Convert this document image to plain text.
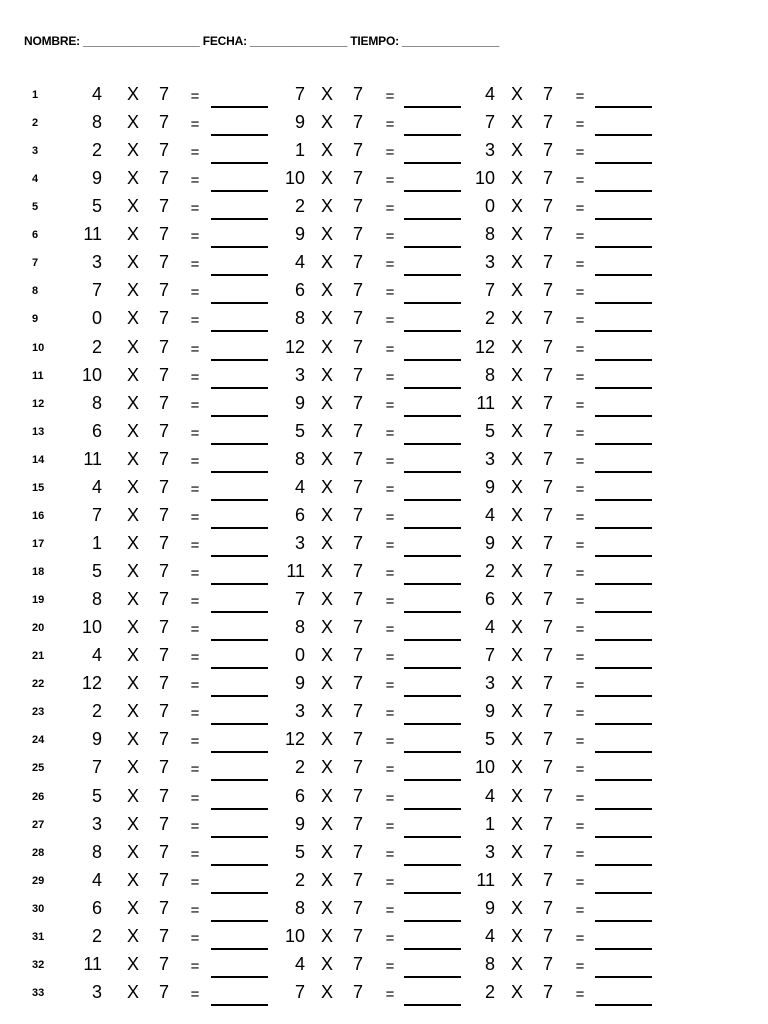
NOMBRE: __________________ FECHA: _______________ TIEMPO: _______________
1	4 X 7 =	7 X 7 =	4 X 7 =
2	8 X 7 =	9 X 7 =	7 X 7 =
3	2 X 7 =	1 X 7 =	3 X 7 =
4	9 X 7 =	10 X 7 =	10 X 7 =
5	5 X 7 =	2 X 7 =	0 X 7 =
6	11 X 7 =	9 X 7 =	8 X 7 =
7	3 X 7 =	4 X 7 =	3 X 7 =
8	7 X 7 =	6 X 7 =	7 X 7 =
9	0 X 7 =	8 X 7 =	2 X 7 =
10	2 X 7 =	12 X 7 =	12 X 7 =
11	10 X 7 =	3 X 7 =	8 X 7 =
12	8 X 7 =	9 X 7 =	11 X 7 =
13	6 X 7 =	5 X 7 =	5 X 7 =
14	11 X 7 =	8 X 7 =	3 X 7 =
15	4 X 7 =	4 X 7 =	9 X 7 =
16	7 X 7 =	6 X 7 =	4 X 7 =
17	1 X 7 =	3 X 7 =	9 X 7 =
18	5 X 7 =	11 X 7 =	2 X 7 =
19	8 X 7 =	7 X 7 =	6 X 7 =
20	10 X 7 =	8 X 7 =	4 X 7 =
21	4 X 7 =	0 X 7 =	7 X 7 =
22	12 X 7 =	9 X 7 =	3 X 7 =
23	2 X 7 =	3 X 7 =	9 X 7 =
24	9 X 7 =	12 X 7 =	5 X 7 =
25	7 X 7 =	2 X 7 =	10 X 7 =
26	5 X 7 =	6 X 7 =	4 X 7 =
27	3 X 7 =	9 X 7 =	1 X 7 =
28	8 X 7 =	5 X 7 =	3 X 7 =
29	4 X 7 =	2 X 7 =	11 X 7 =
30	6 X 7 =	8 X 7 =	9 X 7 =
31	2 X 7 =	10 X 7 =	4 X 7 =
32	11 X 7 =	4 X 7 =	8 X 7 =
33	3 X 7 =	7 X 7 =	2 X 7 =
